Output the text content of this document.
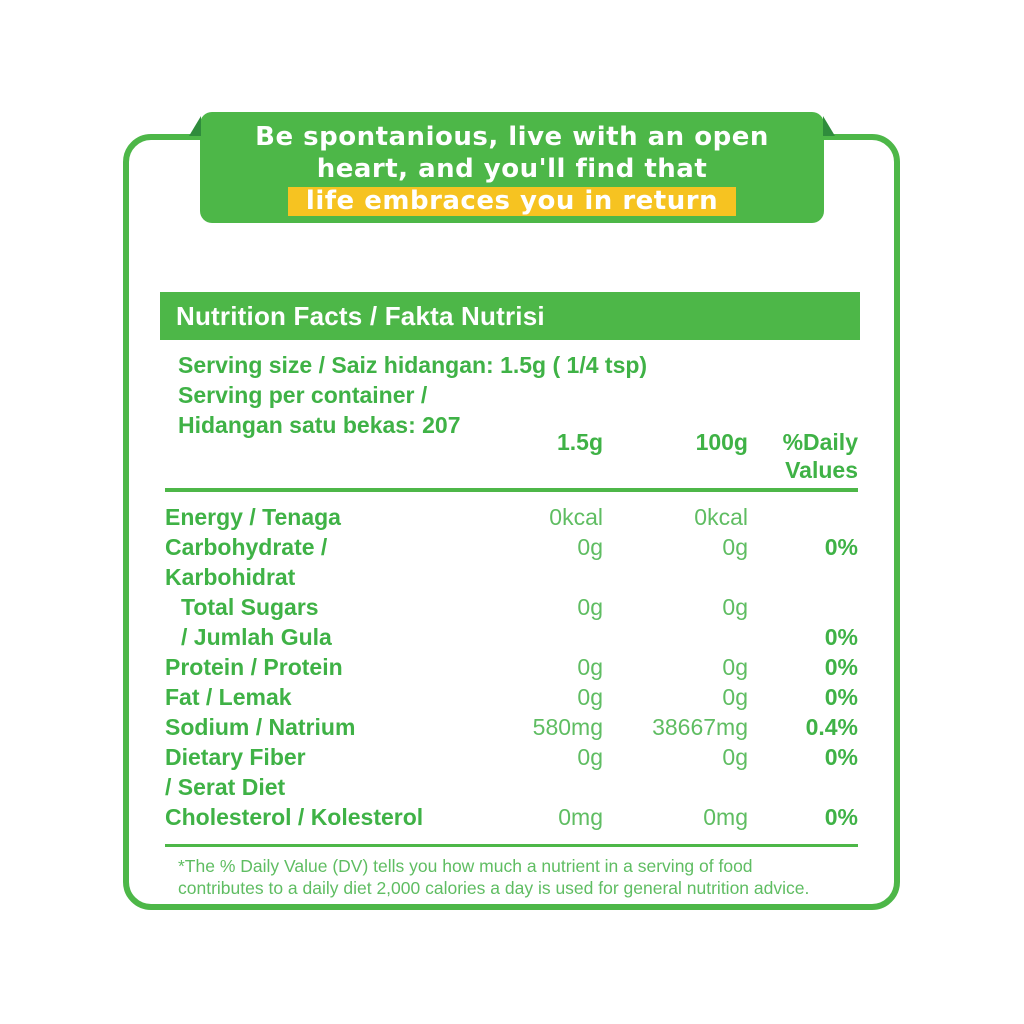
Be spontanious, live with an open
heart, and you'll find that
life embraces you in return
Nutrition Facts / Fakta Nutrisi
Serving size / Saiz hidangan: 1.5g ( 1/4 tsp)
Serving per container /
Hidangan satu bekas: 207
1.5g	100g	%Daily
Values
Energy / Tenaga	0kcal	0kcal
Carbohydrate /	0g	0g	0%
Karbohidrat
Total Sugars	0g	0g
/ Jumlah Gula	0%
Protein / Protein	0g	0g	0%
Fat / Lemak	0g	0g	0%
Sodium / Natrium	580mg	38667mg	0.4%
Dietary Fiber	0g	0g	0%
/ Serat Diet
Cholesterol / Kolesterol	0mg	0mg	0%
*The % Daily Value (DV) tells you how much a nutrient in a serving of food
contributes to a daily diet 2,000 calories a day is used for general nutrition advice.
